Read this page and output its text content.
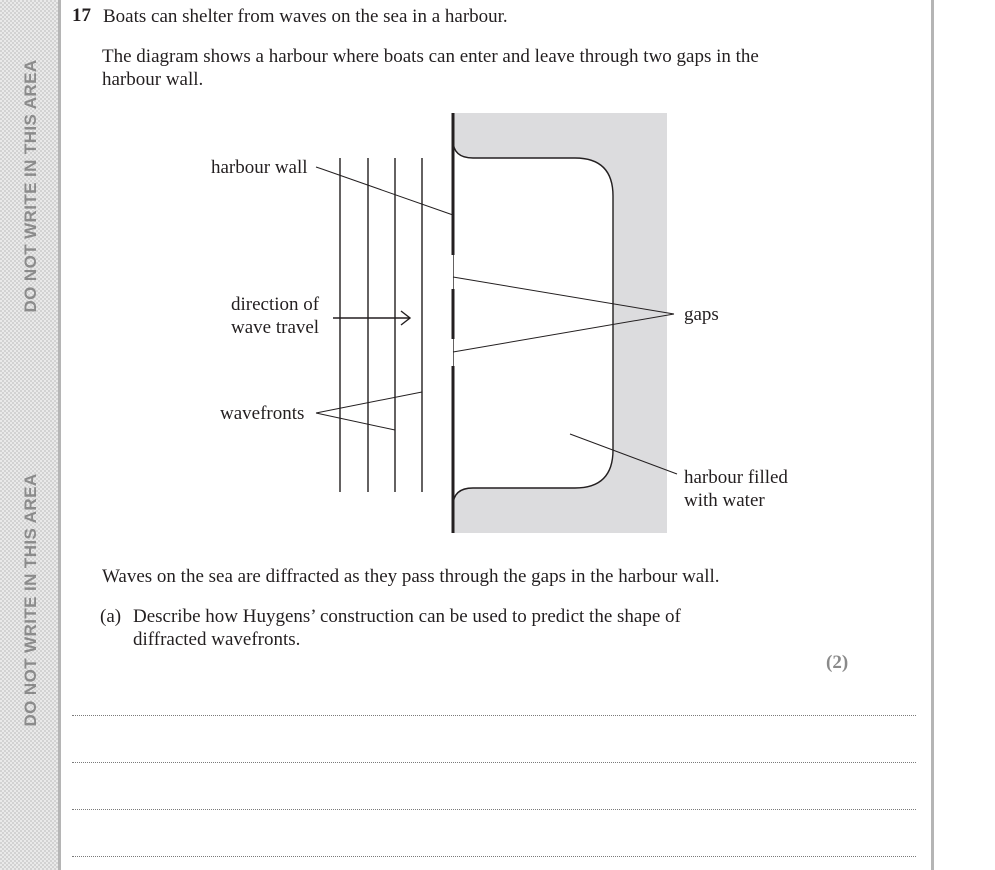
DO NOT WRITE IN THIS AREA
DO NOT WRITE IN THIS AREA
17 Boats can shelter from waves on the sea in a harbour.
The diagram shows a harbour where boats can enter and leave through two gaps in the harbour wall.
harbour wall
direction of
wave travel
wavefronts
gaps
harbour filled
with water
Waves on the sea are diffracted as they pass through the gaps in the harbour wall.
(a) Describe how Huygens’ construction can be used to predict the shape of diffracted wavefronts.
(2)
